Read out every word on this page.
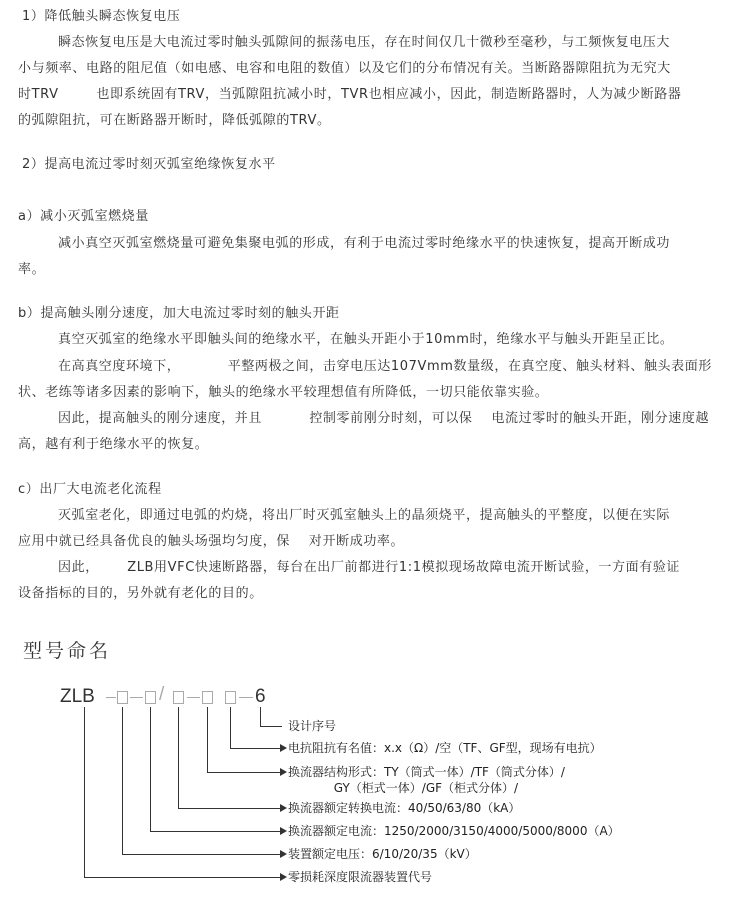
1）降低触头瞬态恢复电压
瞬态恢复电压是大电流过零时触头弧隙间的振荡电压，存在时间仅几十微秒至毫秒，与工频恢复电压大
小与频率、电路的阻尼值（如电感、电容和电阻的数值）以及它们的分布情况有关。当断路器隙阻抗为无究大
时TRV        也即系统固有TRV，当弧隙阻抗减小时，TVR也相应减小，因此，制造断路器时，人为减少断路器
的弧隙阻抗，可在断路器开断时，降低弧隙的TRV。
2）提高电流过零时刻灭弧室绝缘恢复水平
a）减小灭弧室燃烧量
减小真空灭弧室燃烧量可避免集聚电弧的形成，有利于电流过零时绝缘水平的快速恢复，提高开断成功
率。
b）提高触头刚分速度，加大电流过零时刻的触头开距
真空灭弧室的绝缘水平即触头间的绝缘水平，在触头开距小于10mm时，绝缘水平与触头开距呈正比。
在高真空度环境下，          平整两极之间，击穿电压达107Vmm数量级，在真空度、触头材料、触头表面形
状、老练等诸多因素的影响下，触头的绝缘水平较理想值有所降低，一切只能依靠实验。
因此，提高触头的刚分速度，并且          控制零前刚分时刻，可以保    电流过零时的触头开距，刚分速度越
高，越有利于绝缘水平的恢复。
c）出厂大电流老化流程
灭弧室老化，即通过电弧的灼烧，将出厂时灭弧室触头上的晶须烧平，提高触头的平整度，以便在实际
应用中就已经具备优良的触头场强均匀度，保    对开断成功率。
因此，      ZLB用VFC快速断路器，每台在出厂前都进行1:1模拟现场故障电流开断试验，一方面有验证
设备指标的目的，另外就有老化的目的。
型号命名
ZLB	/	6
设计序号
电抗阻抗有名值：x.x（Ω）/空（TF、GF型，现场有电抗）
换流器结构形式：TY（筒式一体）/TF（筒式分体）/
GY（柜式一体）/GF（柜式分体）/
换流器额定转换电流：40/50/63/80（kA）
换流器额定电流：1250/2000/3150/4000/5000/8000（A）
装置额定电压：6/10/20/35（kV）
零损耗深度限流器装置代号
